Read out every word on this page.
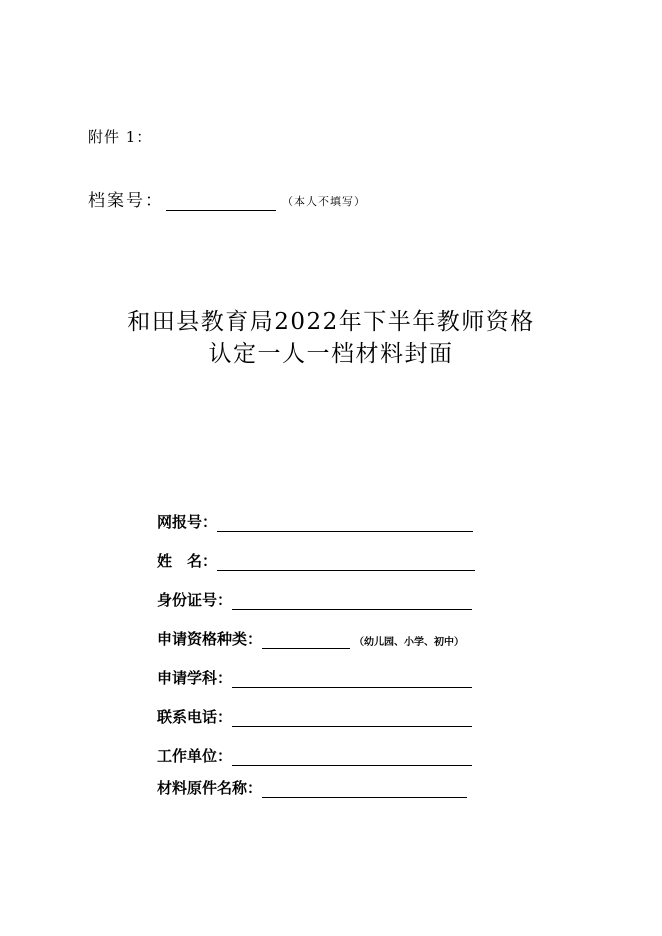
附件 1：
档案号：	（本人不填写）
和田县教育局2022年下半年教师资格
认定一人一档材料封面
网报号：
姓　名：
身份证号：
申请资格种类：	（幼儿园、小学、初中）
申请学科：
联系电话：
工作单位：
材料原件名称：
